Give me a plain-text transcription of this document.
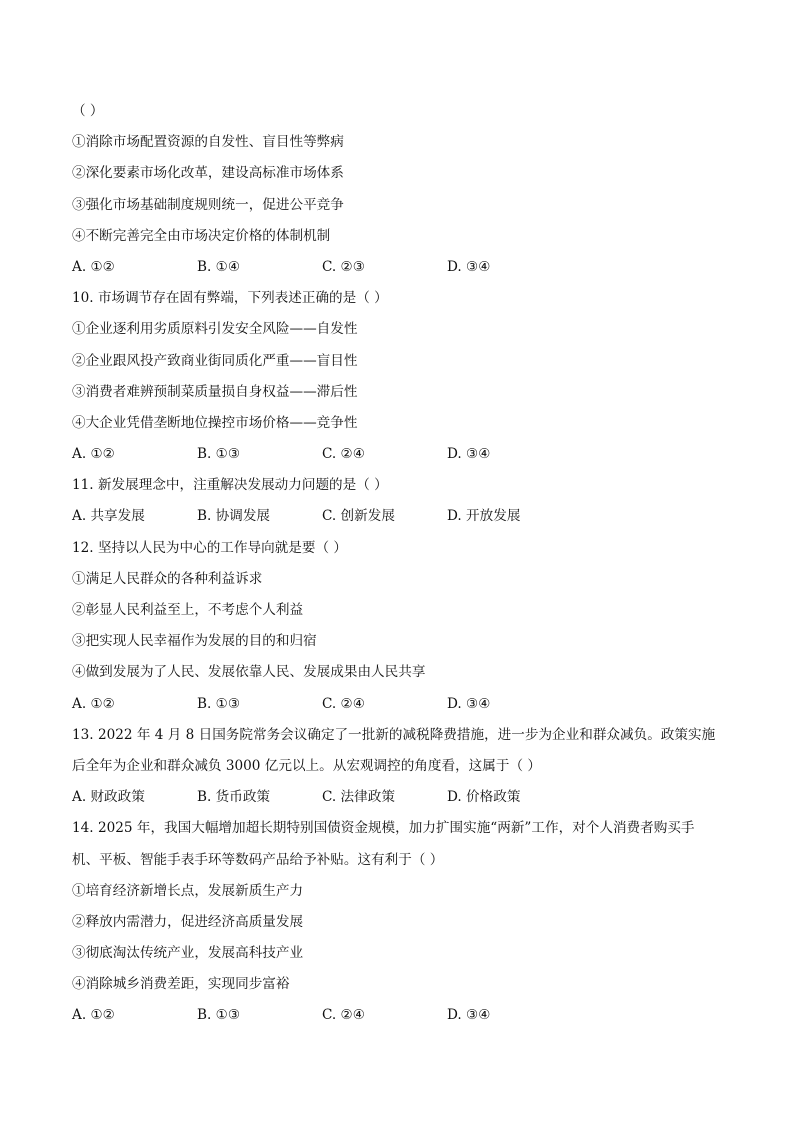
（ ）
①消除市场配置资源的自发性、盲目性等弊病
②深化要素市场化改革，建设高标准市场体系
③强化市场基础制度规则统一，促进公平竞争
④不断完善完全由市场决定价格的体制机制
A. ①②	B. ①④	C. ②③	D. ③④
10. 市场调节存在固有弊端，下列表述正确的是（ ）
①企业逐利用劣质原料引发安全风险——自发性
②企业跟风投产致商业街同质化严重——盲目性
③消费者难辨预制菜质量损自身权益——滞后性
④大企业凭借垄断地位操控市场价格——竞争性
A. ①②	B. ①③	C. ②④	D. ③④
11. 新发展理念中，注重解决发展动力问题的是（ ）
A. 共享发展	B. 协调发展	C. 创新发展	D. 开放发展
12. 坚持以人民为中心的工作导向就是要（ ）
①满足人民群众的各种利益诉求
②彰显人民利益至上，不考虑个人利益
③把实现人民幸福作为发展的目的和归宿
④做到发展为了人民、发展依靠人民、发展成果由人民共享
A. ①②	B. ①③	C. ②④	D. ③④
13. 2022 年 4 月 8 日国务院常务会议确定了一批新的减税降费措施，进一步为企业和群众减负。政策实施
后全年为企业和群众减负 3000 亿元以上。从宏观调控的角度看，这属于（ ）
A. 财政政策	B. 货币政策	C. 法律政策	D. 价格政策
14. 2025 年，我国大幅增加超长期特别国债资金规模，加力扩围实施“两新”工作，对个人消费者购买手
机、平板、智能手表手环等数码产品给予补贴。这有利于（ ）
①培育经济新增长点，发展新质生产力
②释放内需潜力，促进经济高质量发展
③彻底淘汰传统产业，发展高科技产业
④消除城乡消费差距，实现同步富裕
A. ①②	B. ①③	C. ②④	D. ③④
